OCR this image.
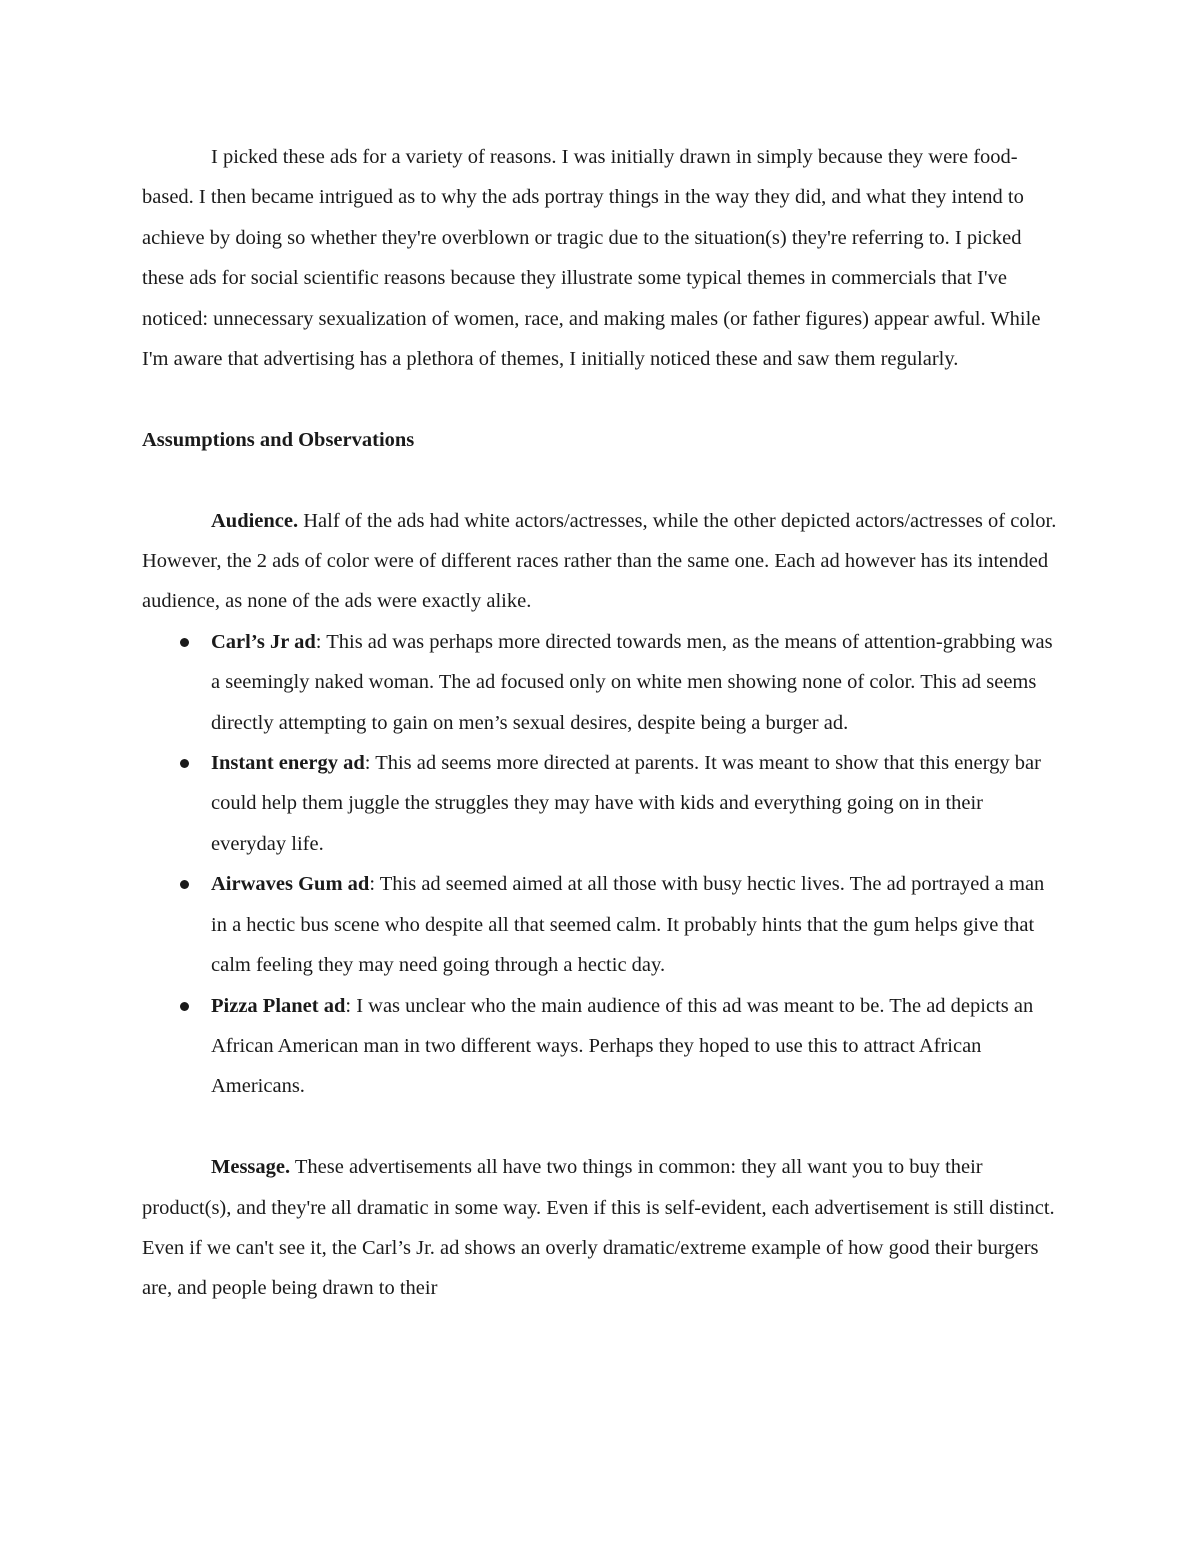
I picked these ads for a variety of reasons. I was initially drawn in simply because they were food-based. I then became intrigued as to why the ads portray things in the way they did, and what they intend to achieve by doing so whether they're overblown or tragic due to the situation(s) they're referring to. I picked these ads for social scientific reasons because they illustrate some typical themes in commercials that I've noticed: unnecessary sexualization of women, race, and making males (or father figures) appear awful. While I'm aware that advertising has a plethora of themes, I initially noticed these and saw them regularly.

Assumptions and Observations

Audience. Half of the ads had white actors/actresses, while the other depicted actors/actresses of color. However, the 2 ads of color were of different races rather than the same one. Each ad however has its intended audience, as none of the ads were exactly alike.

Carl’s Jr ad: This ad was perhaps more directed towards men, as the means of attention-grabbing was a seemingly naked woman. The ad focused only on white men showing none of color. This ad seems directly attempting to gain on men’s sexual desires, despite being a burger ad.
Instant energy ad: This ad seems more directed at parents. It was meant to show that this energy bar could help them juggle the struggles they may have with kids and everything going on in their everyday life.
Airwaves Gum ad: This ad seemed aimed at all those with busy hectic lives. The ad portrayed a man in a hectic bus scene who despite all that seemed calm. It probably hints that the gum helps give that calm feeling they may need going through a hectic day.
Pizza Planet ad: I was unclear who the main audience of this ad was meant to be. The ad depicts an African American man in two different ways. Perhaps they hoped to use this to attract African Americans.

Message. These advertisements all have two things in common: they all want you to buy their product(s), and they're all dramatic in some way. Even if this is self-evident, each advertisement is still distinct. Even if we can't see it, the Carl’s Jr. ad shows an overly dramatic/extreme example of how good their burgers are, and people being drawn to their
